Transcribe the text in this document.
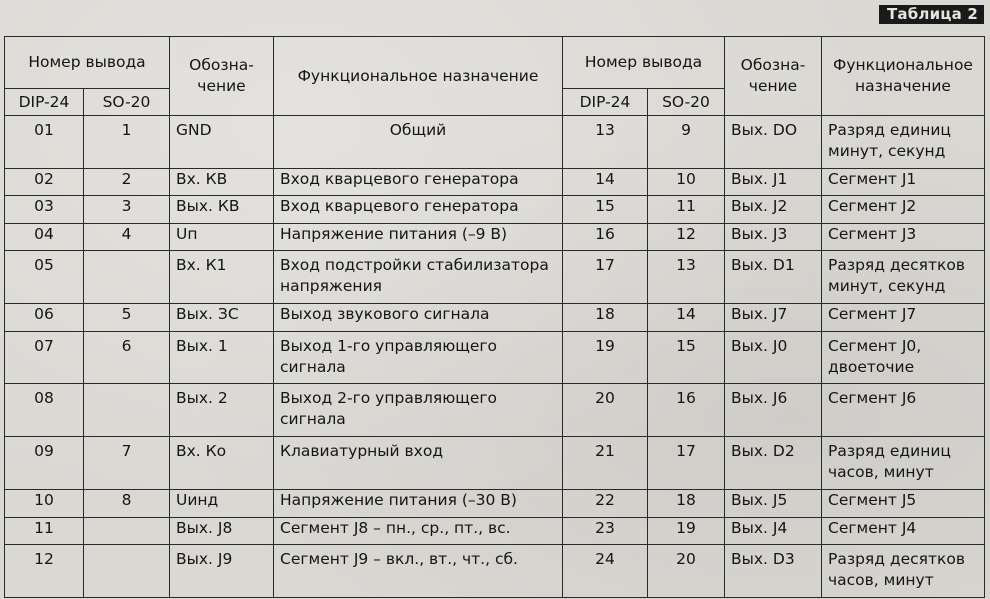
Таблица 2
Номер вывода		Обозна- чение	Функциональное назначение	Номер вывода		Обозна- чение	Функциональное назначение
DIP-24	SO-20			DIP-24	SO-20		
01	1	GND	Общий	13	9	Вых. DO	Разряд единиц минут, секунд
02	2	Вх. КВ	Вход кварцевого генератора	14	10	Вых. J1	Сегмент J1
03	3	Вых. КВ	Вход кварцевого генератора	15	11	Вых. J2	Сегмент J2
04	4	Uп	Напряжение питания (–9 В)	16	12	Вых. J3	Сегмент J3
05		Вх. К1	Вход подстройки стабилизатора напряжения	17	13	Вых. D1	Разряд десятков минут, секунд
06	5	Вых. ЗС	Выход звукового сигнала	18	14	Вых. J7	Сегмент J7
07	6	Вых. 1	Выход 1-го управляющего сигнала	19	15	Вых. J0	Сегмент J0, двоеточие
08		Вых. 2	Выход 2-го управляющего сигнала	20	16	Вых. J6	Сегмент J6
09	7	Вх. Ко	Клавиатурный вход	21	17	Вых. D2	Разряд единиц часов, минут
10	8	Uинд	Напряжение питания (–30 В)	22	18	Вых. J5	Сегмент J5
11		Вых. J8	Сегмент J8 – пн., ср., пт., вс.	23	19	Вых. J4	Сегмент J4
12		Вых. J9	Сегмент J9 – вкл., вт., чт., сб.	24	20	Вых. D3	Разряд десятков часов, минут
